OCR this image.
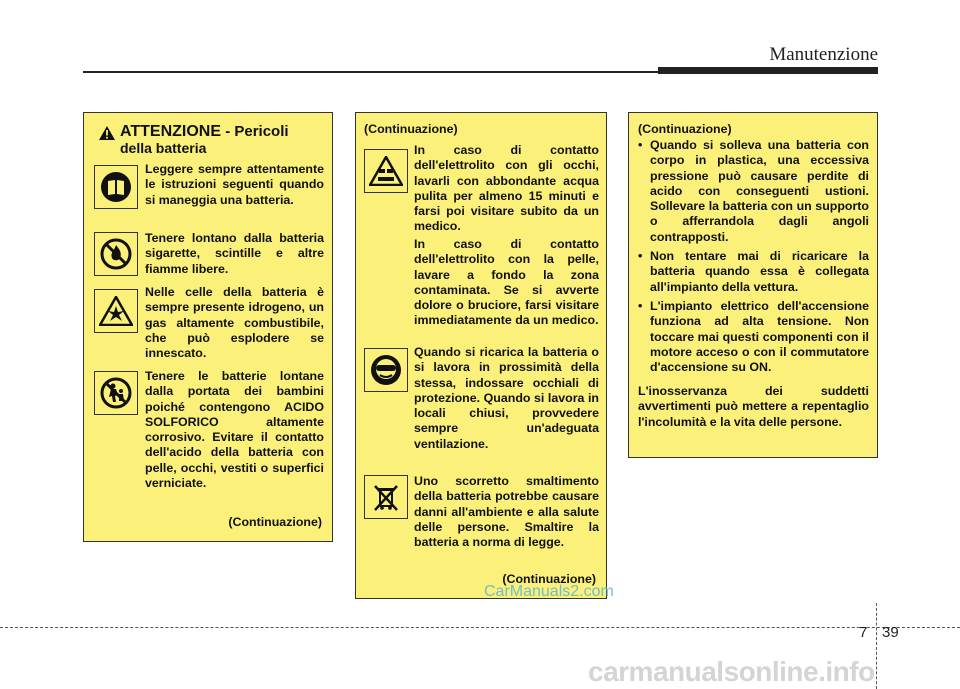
Manutenzione
ATTENZIONE - Pericoli
della batteria

Leggere sempre attentamente le istruzioni seguenti quando si maneggia una batteria.

Tenere lontano dalla batteria sigarette, scintille e altre fiamme libere.

Nelle celle della batteria è sempre presente idrogeno, un gas altamente combustibile, che può esplodere se innescato.

Tenere le batterie lontane dalla portata dei bambini poiché contengono ACIDO SOLFORICO altamente corrosivo. Evitare il contatto dell'acido della batteria con pelle, occhi, vestiti o superfici verniciate.

(Continuazione)
(Continuazione)

In caso di contatto dell'elettrolito con gli occhi, lavarli con abbondante acqua pulita per almeno 15 minuti e farsi poi visitare subito da un medico.

In caso di contatto dell'elettrolito con la pelle, lavare a fondo la zona contaminata. Se si avverte dolore o bruciore, farsi visitare immediatamente da un medico.

Quando si ricarica la batteria o si lavora in prossimità della stessa, indossare occhiali di protezione. Quando si lavora in locali chiusi, provvedere sempre un'adeguata ventilazione.

Uno scorretto smaltimento della batteria potrebbe causare danni all'ambiente e alla salute delle persone. Smaltire la batteria a norma di legge.

(Continuazione)
(Continuazione)
• Quando si solleva una batteria con corpo in plastica, una eccessiva pressione può causare perdite di acido con conseguenti ustioni. Sollevare la batteria con un supporto o afferrandola dagli angoli contrapposti.
• Non tentare mai di ricaricare la batteria quando essa è collegata all'impianto della vettura.
• L'impianto elettrico dell'accensione funziona ad alta tensione. Non toccare mai questi componenti con il motore acceso o con il commutatore d'accensione su ON.

L'inosservanza dei suddetti avvertimenti può mettere a repentaglio l'incolumità e la vita delle persone.

CarManuals2.com
7 39
carmanualsonline.info
